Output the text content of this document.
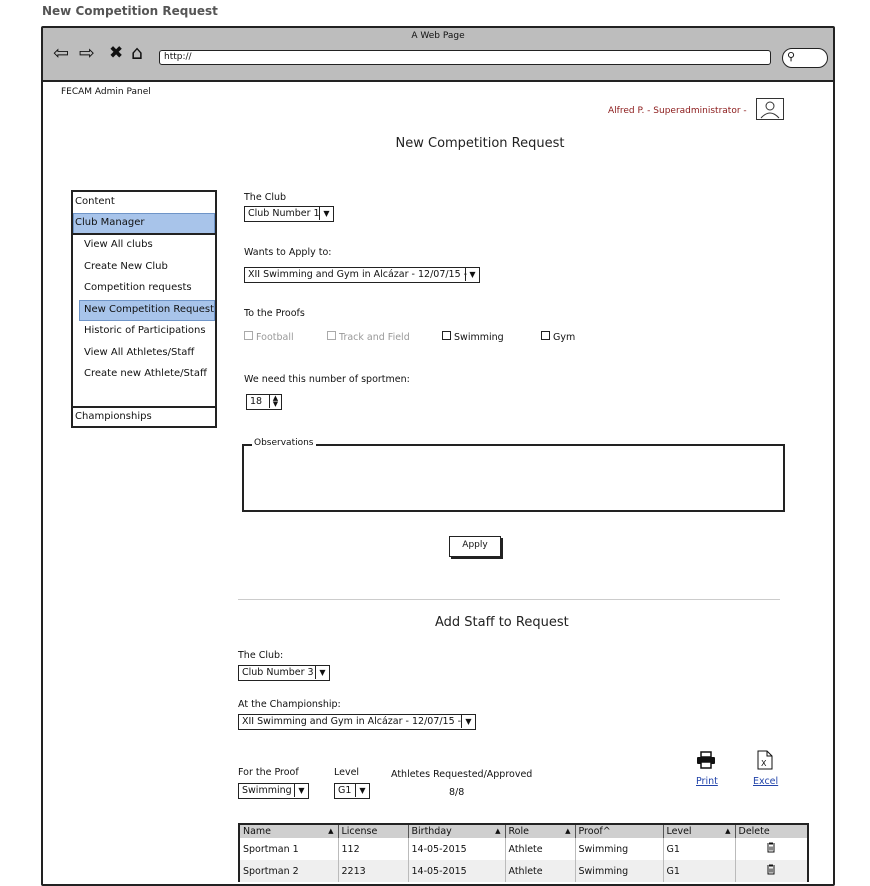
New Competition Request
A Web Page
⇦ ⇨ ✖ ⌂	http://	⚲
FECAM Admin Panel
Alfred P. - Superadministrator -
New Competition Request
Content
Club Manager
View All clubs
Create New Club
Competition requests
New Competition Request
Historic of Participations
View All Athletes/Staff
Create new Athlete/Staff
Championships
The Club
Club Number 1 ▼
Wants to Apply to:
XII Swimming and Gym in Alcázar - 12/07/15 - ▼
To the Proofs
Football	Track and Field	Swimming	Gym
We need this number of sportmen:
18	▲
▼
Observations
Apply
Add Staff to Request
The Club:
Club Number 3 ▼
At the Championship:
XII Swimming and Gym in Alcázar - 12/07/15 - ▼
For the Proof
Swimming ▼
Level
G1	▼
Athletes Requested/Approved
8/8
Print
X
Excel
Name ▲	License	Birthday ▲	Role ▲	Proof^	Level ▲	Delete
Sportman 1	112	14-05-2015	Athlete	Swimming	G1	
Sportman 2	2213	14-05-2015	Athlete	Swimming	G1	
